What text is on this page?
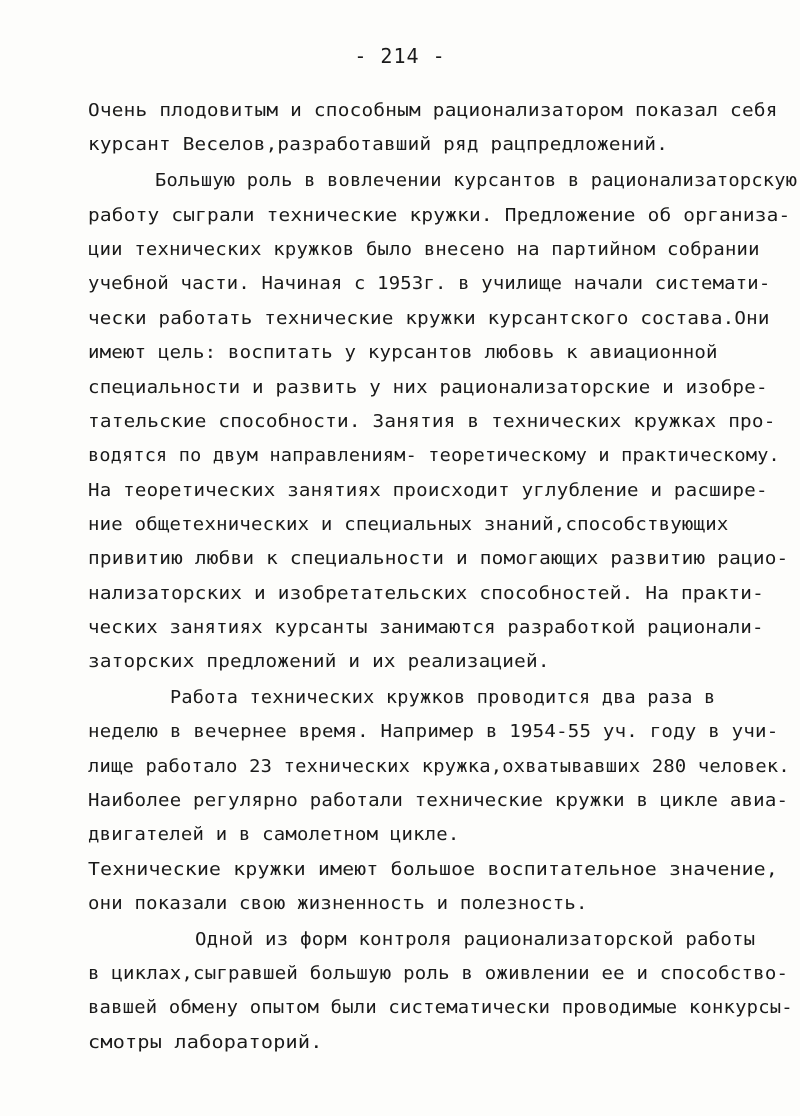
- 214 -
Очень плодовитым и способным рационализатором показал себя
курсант Веселов,разработавший ряд рацпредложений.
Большую роль в вовлечении курсантов в рационализаторскую
работу сыграли технические кружки. Предложение об организа-
ции технических кружков было внесено на партийном собрании
учебной части. Начиная с 1953г. в училище начали системати-
чески работать технические кружки курсантского состава.Они
имеют цель: воспитать у курсантов любовь к авиационной
специальности и развить у них рационализаторские и изобре-
тательские способности. Занятия в технических кружках про-
водятся по двум направлениям- теоретическому и практическому.
На теоретических занятиях происходит углубление и расшире-
ние общетехнических и специальных знаний,способствующих
привитию любви к специальности и помогающих развитию рацио-
нализаторских и изобретательских способностей. На практи-
ческих занятиях курсанты занимаются разработкой рационали-
заторских предложений и их реализацией.
Работа технических кружков проводится два раза в
неделю в вечернее время. Например в 1954-55 уч. году в учи-
лище работало 23 технических кружка,охватывавших 280 человек.
Наиболее регулярно работали технические кружки в цикле авиа-
двигателей и в самолетном цикле.
Технические кружки имеют большое воспитательное значение,
они показали свою жизненность и полезность.
Одной из форм контроля рационализаторской работы
в циклах,сыгравшей большую роль в оживлении ее и способство-
вавшей обмену опытом были систематически проводимые конкурсы-
смотры лабораторий.
